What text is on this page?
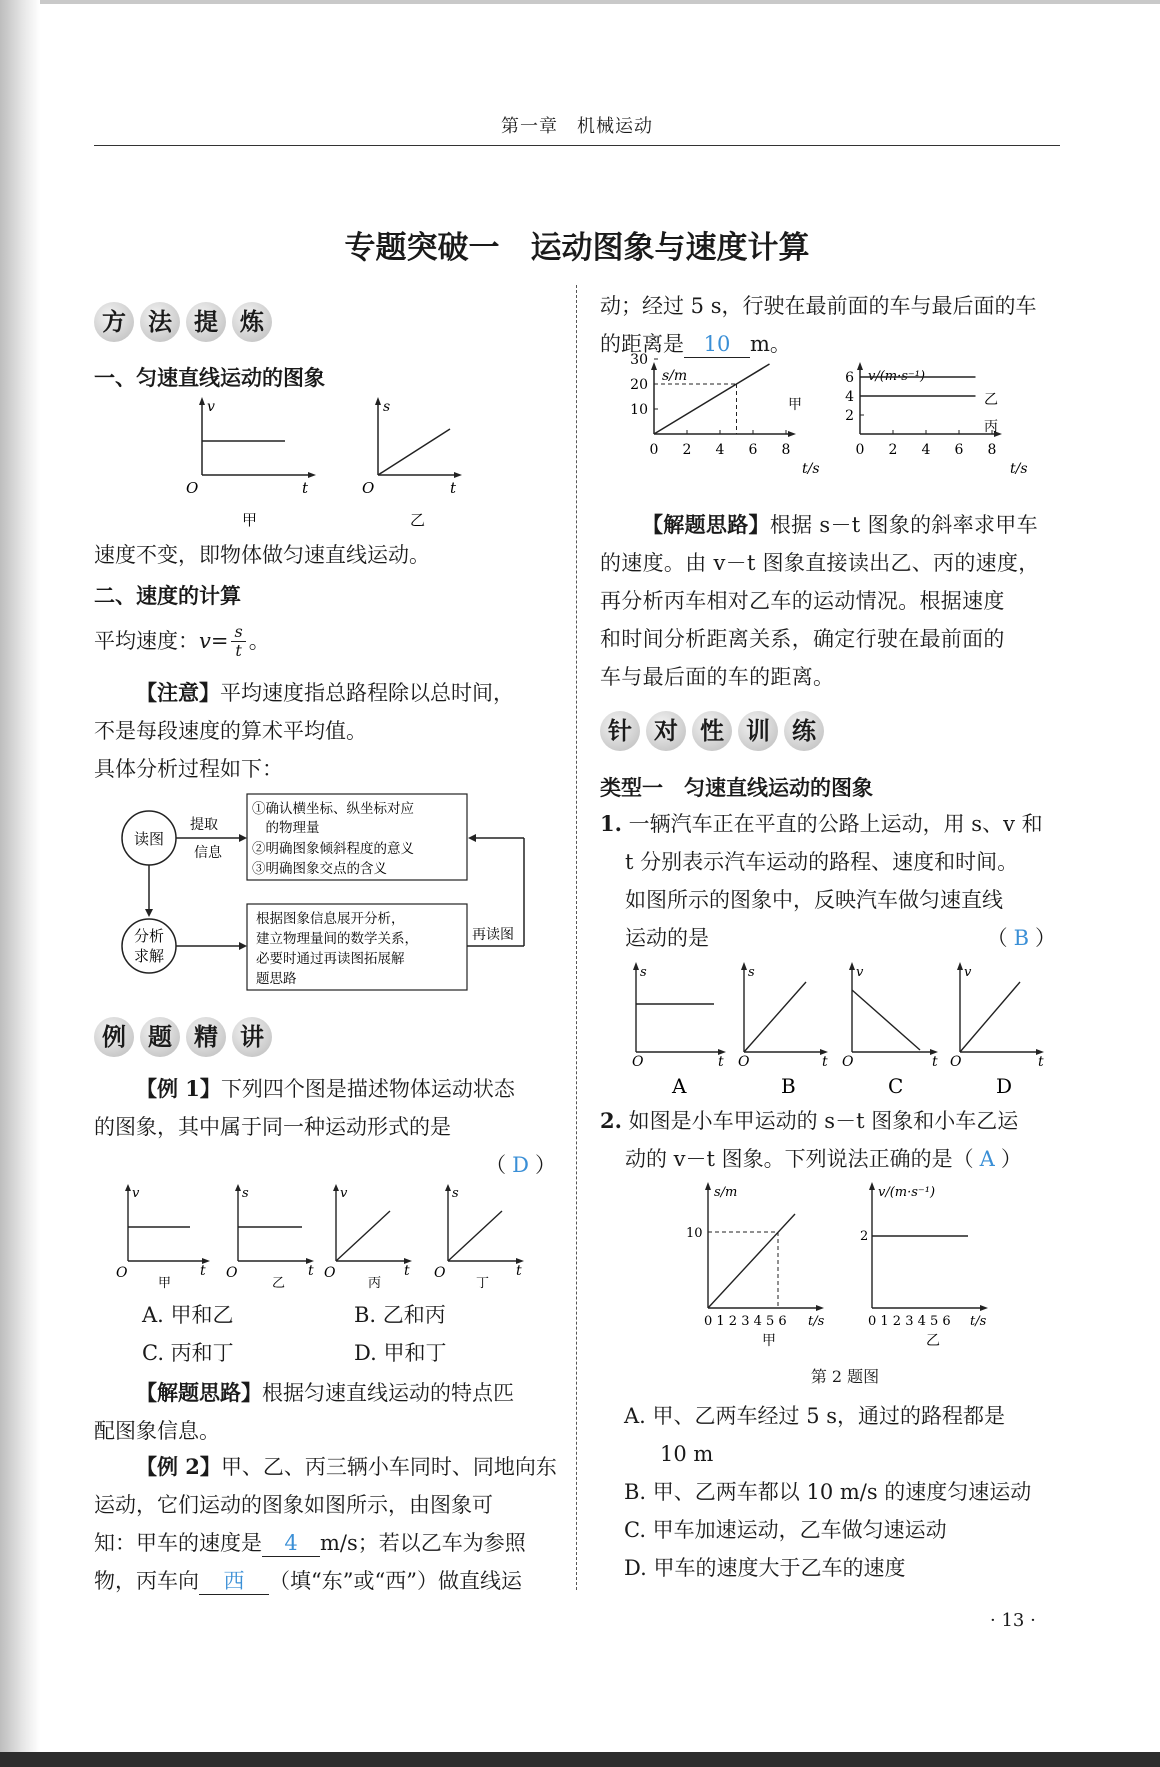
第一章　机械运动
专题突破一　运动图象与速度计算
方 法 提 炼
一、匀速直线运动的图象
v
t
O
甲
s
t
O
乙
速度不变，即物体做匀速直线运动。
二、速度的计算
平均速度： $v = \frac{s}{t}$ 。
【注意】平均速度指总路程除以总时间，
不是每段速度的算术平均值。
具体分析过程如下：
读图
提取
信息
①确认横坐标、纵坐标对应
　的物理量
②明确图象倾斜程度的意义
③明确图象交点的含义
分析
求解
根据图象信息展开分析，
建立物理量间的数学关系，
必要时通过再读图拓展解
题思路
再读图
例 题 精 讲
【例 1】下列四个图是描述物体运动状态
的图象，其中属于同一种运动形式的是
（ D ）
v
t
O
甲
s
t
O
乙
v
t
O
丙
s
t
O
丁
A. 甲和乙	B. 乙和丙
C. 丙和丁	D. 甲和丁
【解题思路】根据匀速直线运动的特点匹
配图象信息。
【例 2】甲、乙、丙三辆小车同时、同地向东
运动，它们运动的图象如图所示，由图象可
知：甲车的速度是 4 m/s；若以乙车为参照
物，丙车向 西 （填“东”或“西”）做直线运
动；经过 5 s，行驶在最前面的车与最后面的车
的距离是 10 m。
s/m
t/s
0 2 4 6 8
10
20
30
甲
v/(m·s⁻¹)
t/s
0 2 4 6 8
2
4
6
乙
丙
【解题思路】根据 s－t 图象的斜率求甲车
的速度。由 v－t 图象直接读出乙、丙的速度，
再分析丙车相对乙车的运动情况。根据速度
和时间分析距离关系，确定行驶在最前面的
车与最后面的车的距离。
针 对 性 训 练
类型一　匀速直线运动的图象
1. 一辆汽车正在平直的公路上运动，用 s、v 和
t 分别表示汽车运动的路程、速度和时间。
如图所示的图象中，反映汽车做匀速直线
运动的是	（ B ）
s
t
O
A
s
t
O
B
v
t
O
C
v
t
O
D
2. 如图是小车甲运动的 s－t 图象和小车乙运
动的 v－t 图象。下列说法正确的是（ A ）
s/m
10
0 1 2 3 4 5 6 t/s
甲
v/(m·s⁻¹)
2
0 1 2 3 4 5 6 t/s
乙
第 2 题图
A. 甲、乙两车经过 5 s，通过的路程都是
10 m
B. 甲、乙两车都以 10 m/s 的速度匀速运动
C. 甲车加速运动，乙车做匀速运动
D. 甲车的速度大于乙车的速度
· 13 ·
